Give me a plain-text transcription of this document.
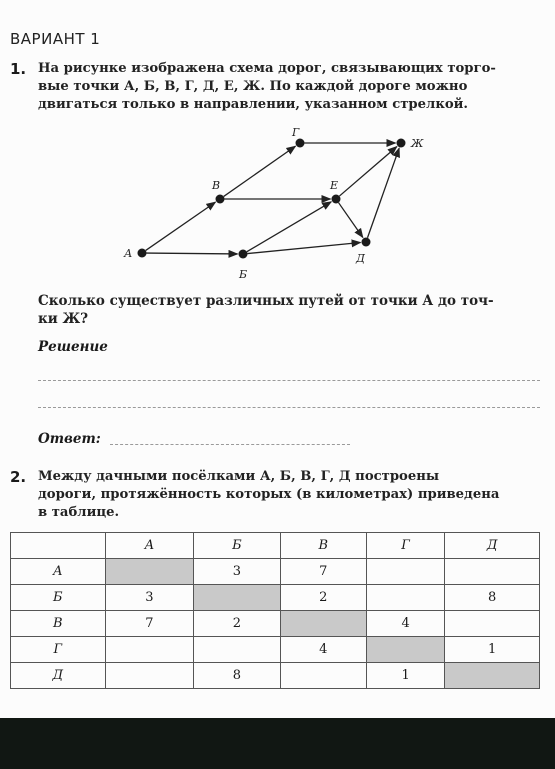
ВАРИАНТ 1
1. На рисунке изображена схема дорог, связывающих торго-

вые точки А, Б, В, Г, Д, Е, Ж. По каждой дороге можно

двигаться только в направлении, указанном стрелкой.

А
Б
В
Г
Д
Е
Ж

Сколько существует различных путей от точки А до точ-

ки Ж?

Решение
Ответ:
2. Между дачными посёлками А, Б, В, Г, Д построены

дороги, протяжённость которых (в километрах) приведена

в таблице.

	А	Б	В	Г	Д
А		3	7		
Б	3		2		8
В	7	2		4	
Г			4		1
Д		8		1	
